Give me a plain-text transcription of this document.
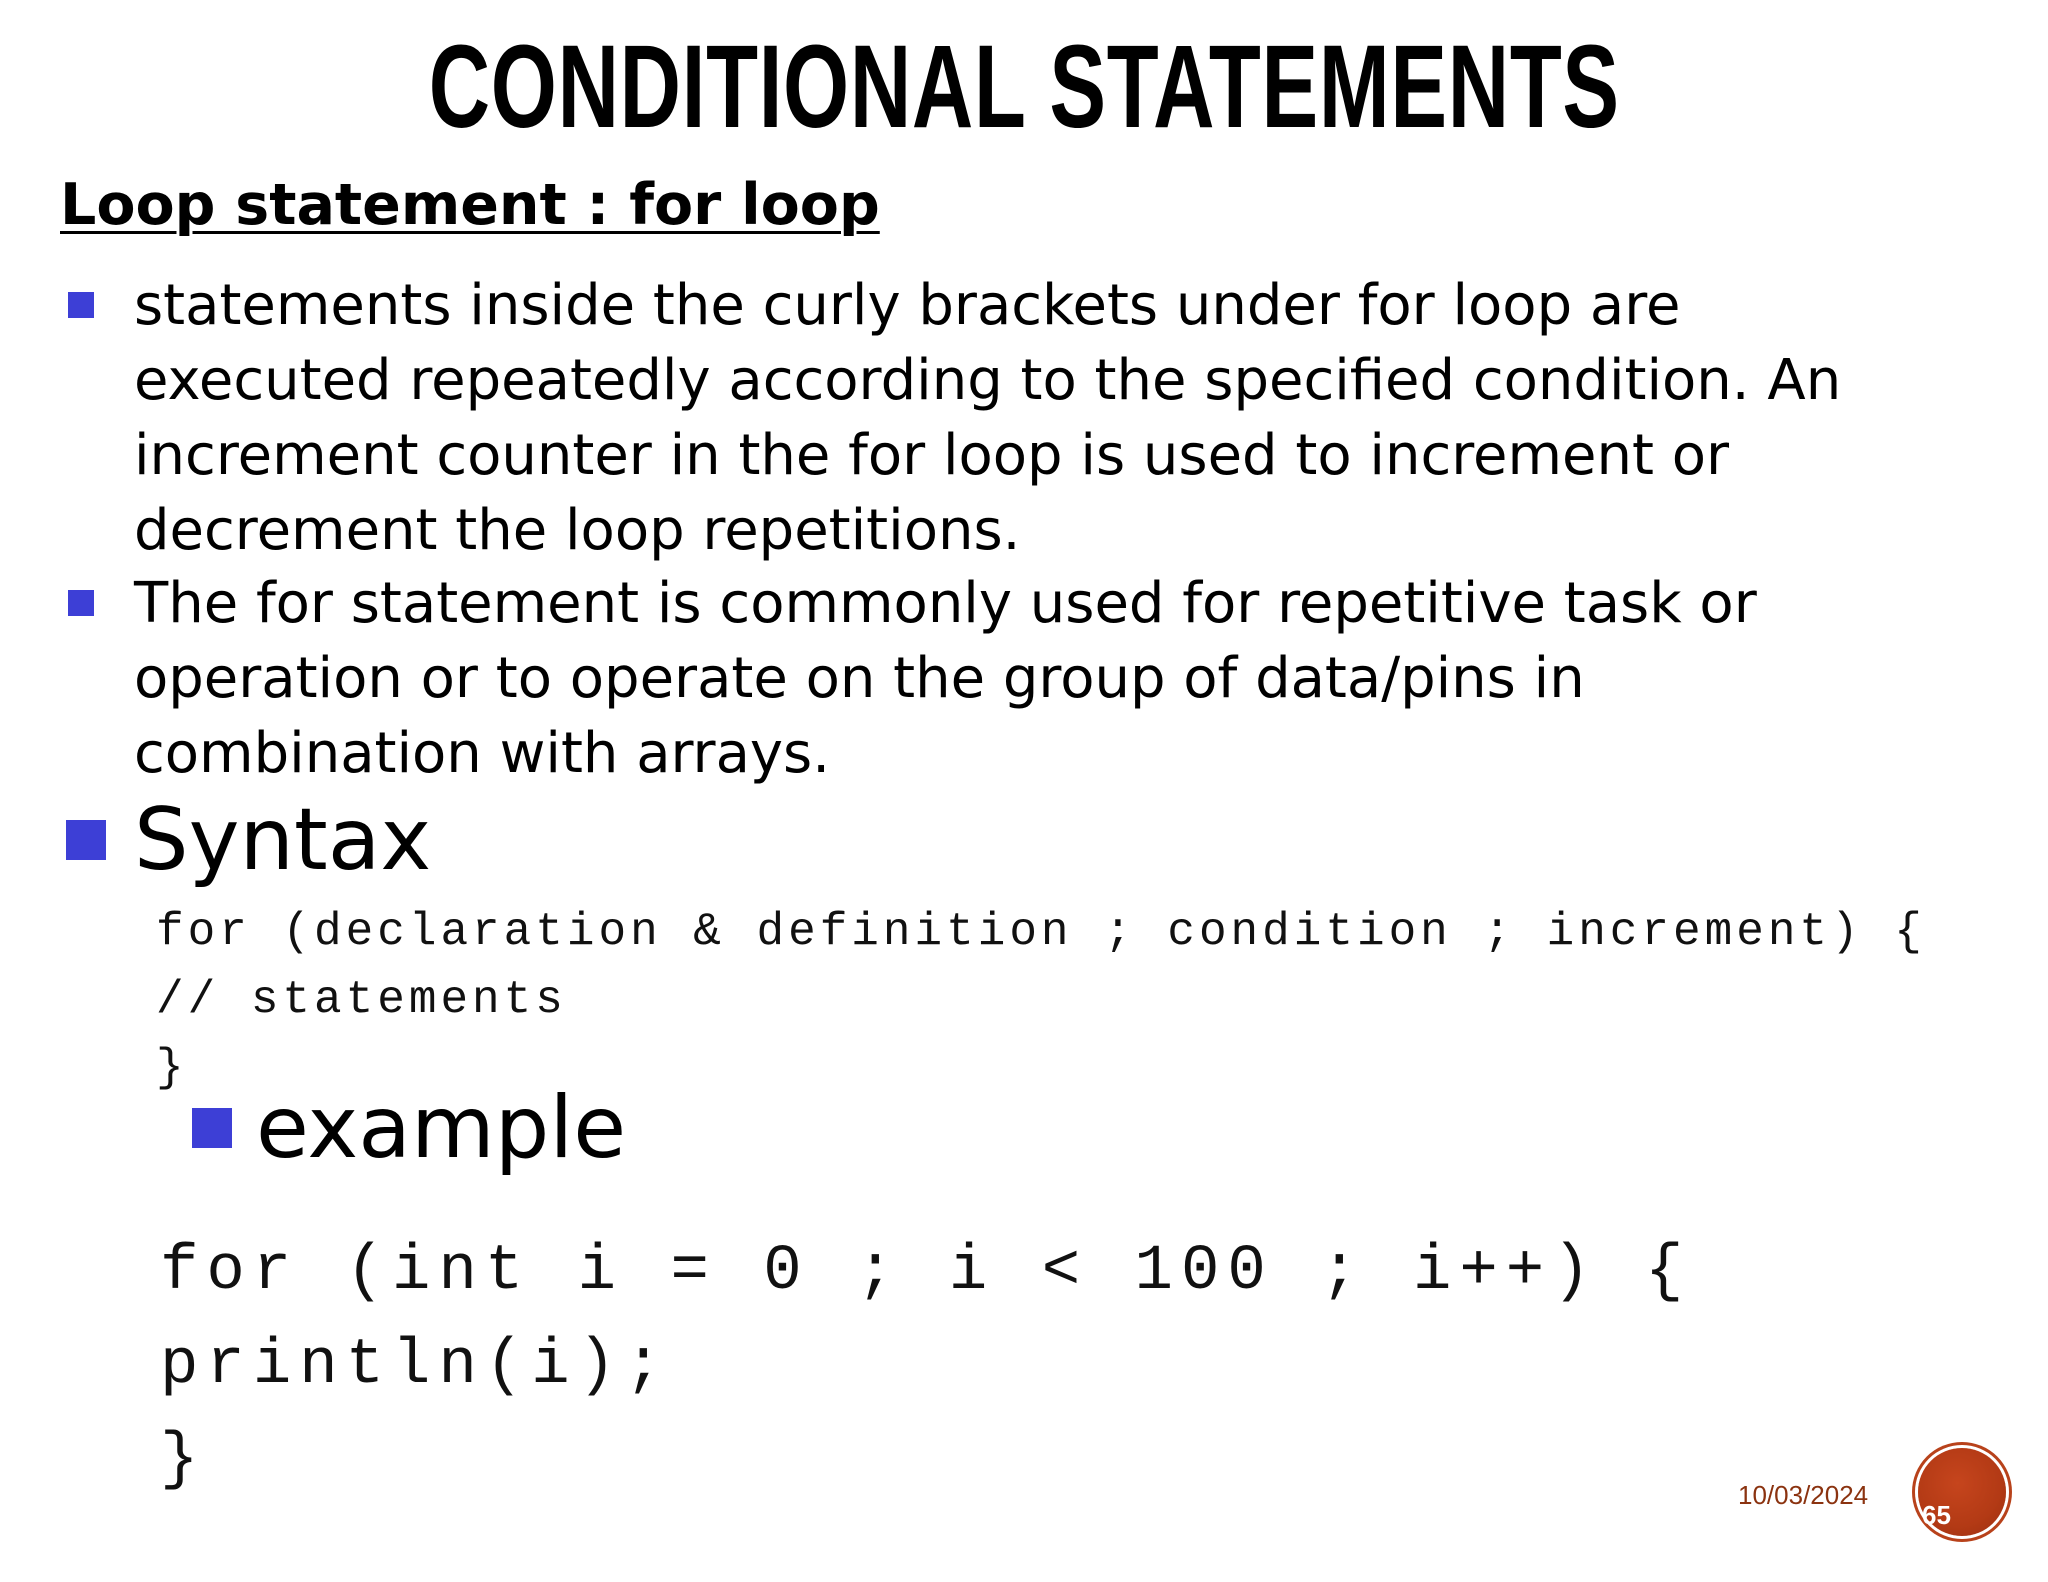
CONDITIONAL STATEMENTS
Loop statement : for loop
statements inside the curly brackets under for loop are
executed repeatedly according to the specified condition. An
increment counter in the for loop is used to increment or
decrement the loop repetitions.
The for statement is commonly used for repetitive task or
operation or to operate on the group of data/pins in
combination with arrays.
Syntax
for (declaration & definition ; condition ; increment) {
// statements
}
example
for (int i = 0 ; i < 100 ; i++) {
println(i);
}	10/03/2024
65
